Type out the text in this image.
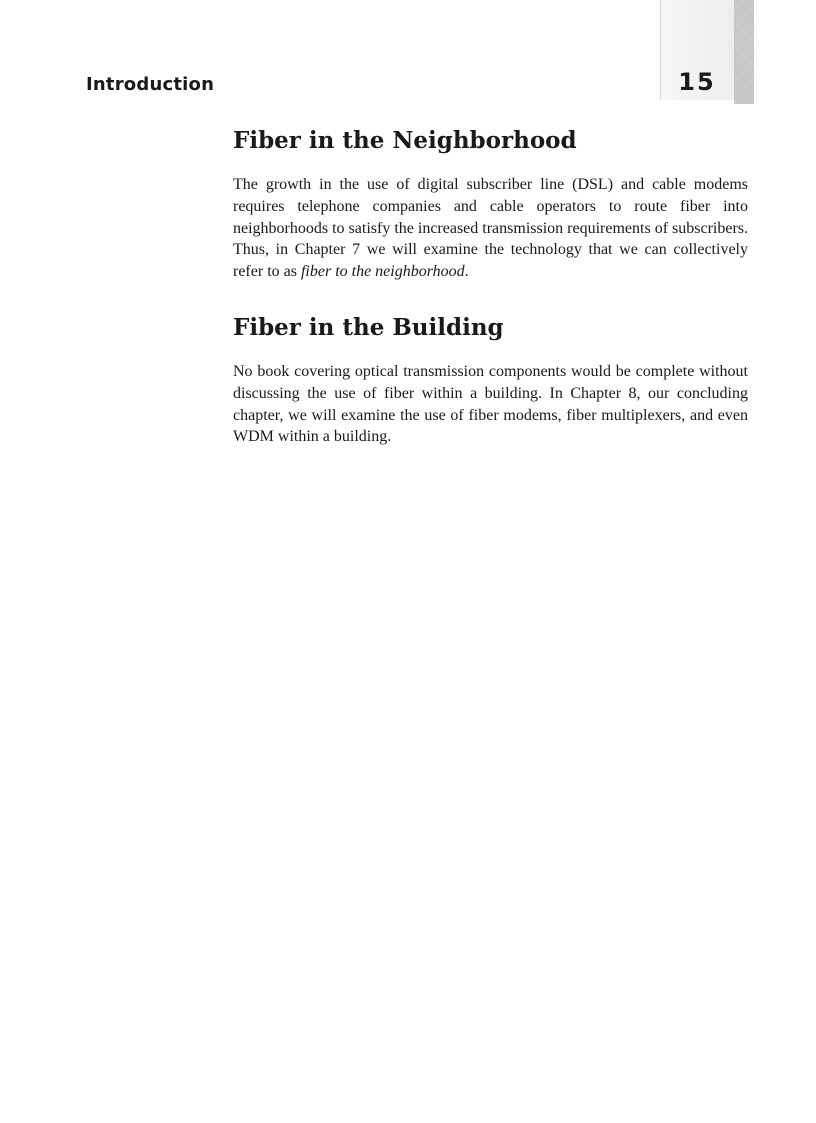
Introduction	15
Fiber in the Neighborhood

The growth in the use of digital subscriber line (DSL) and cable modems requires telephone companies and cable operators to route fiber into neighborhoods to satisfy the increased transmission requirements of subscribers. Thus, in Chapter 7 we will examine the technology that we can collectively refer to as fiber to the neighborhood.

Fiber in the Building

No book covering optical transmission components would be complete without discussing the use of fiber within a building. In Chapter 8, our concluding chapter, we will examine the use of fiber modems, fiber multiplexers, and even WDM within a building.
